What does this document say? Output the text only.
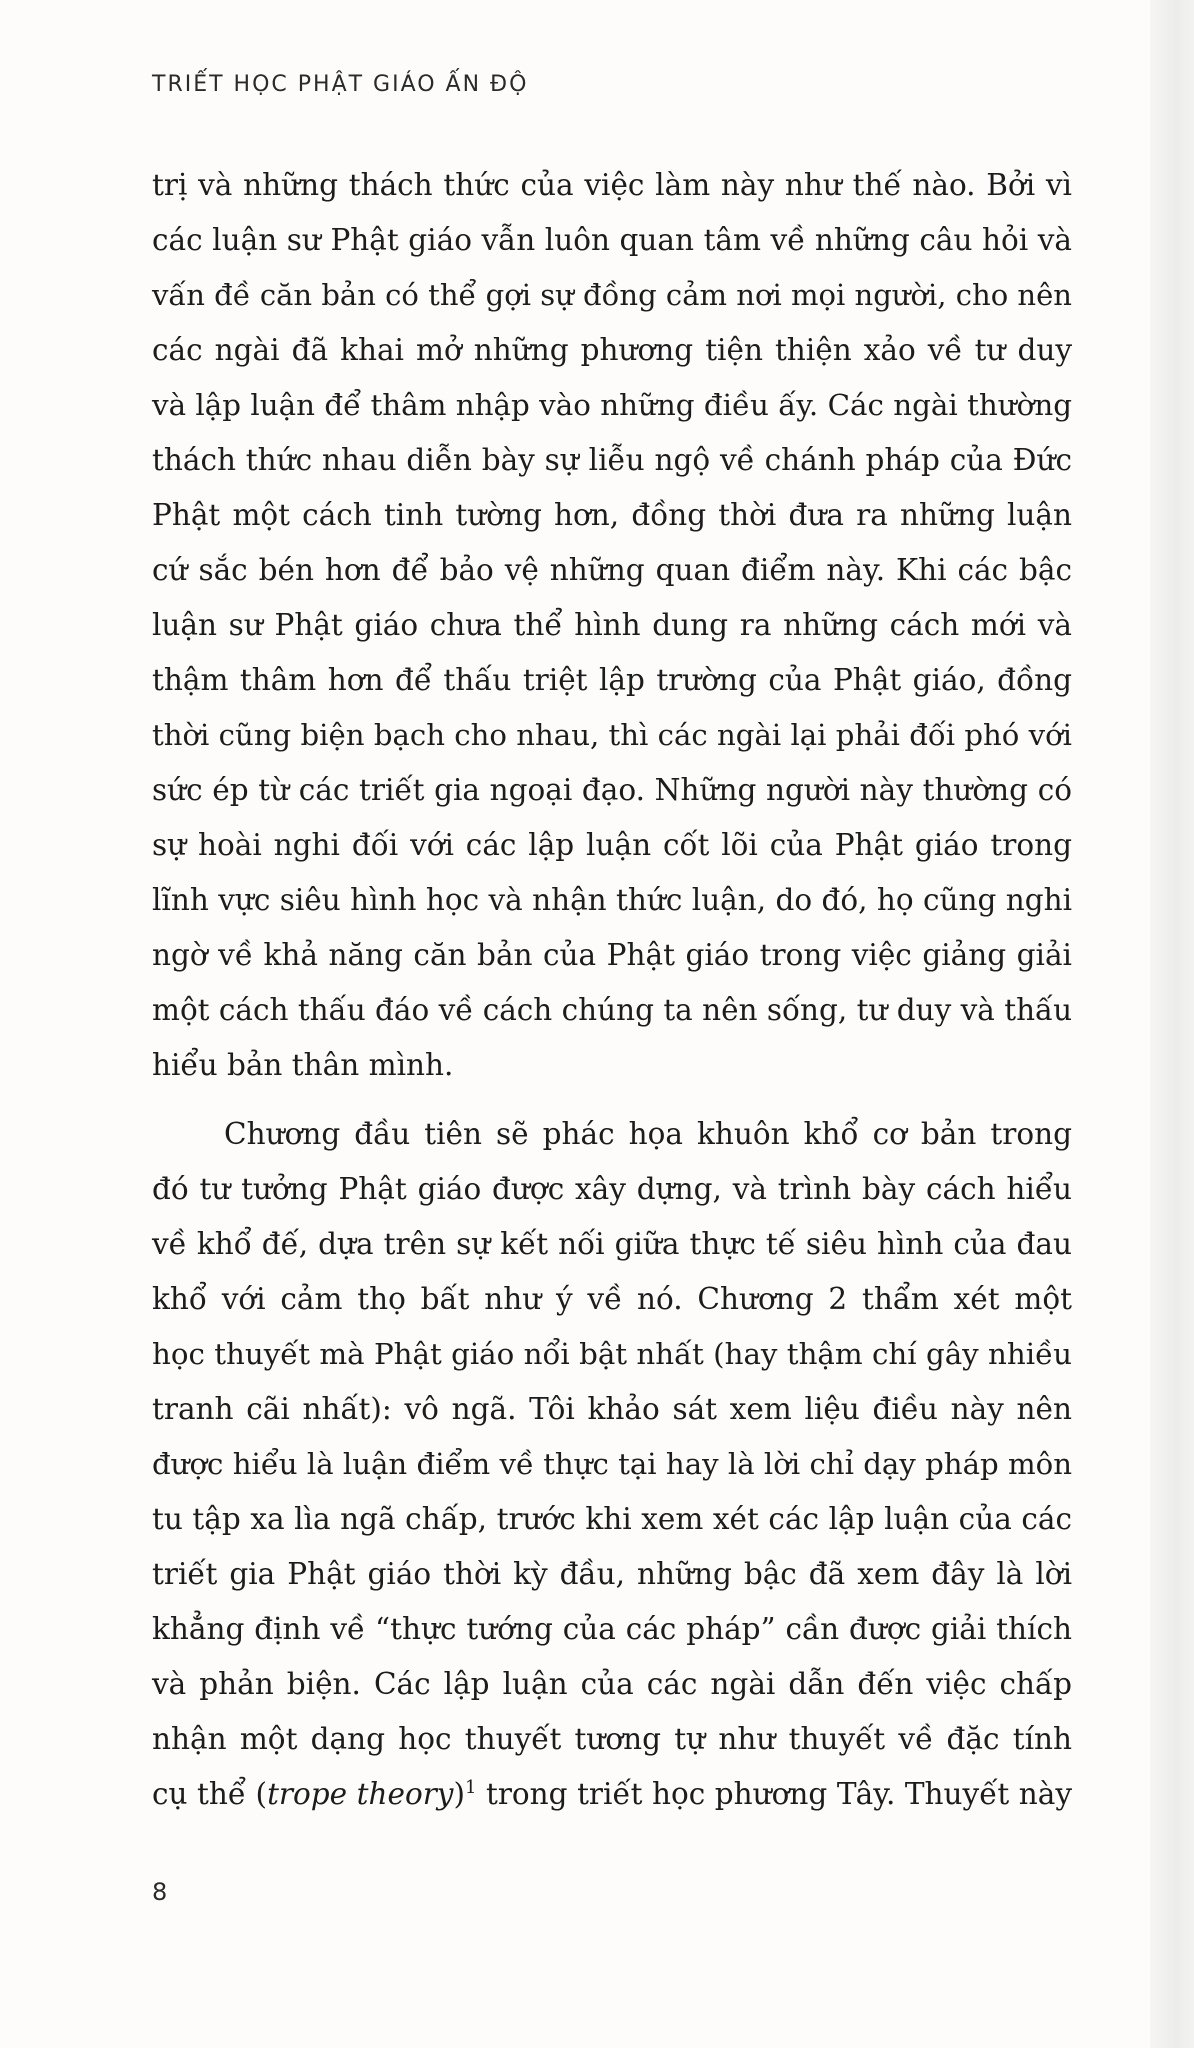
TRIẾT HỌC PHẬT GIÁO ẤN ĐỘ
trị và những thách thức của việc làm này như thế nào. Bởi vì
các luận sư Phật giáo vẫn luôn quan tâm về những câu hỏi và
vấn đề căn bản có thể gợi sự đồng cảm nơi mọi người, cho nên
các ngài đã khai mở những phương tiện thiện xảo về tư duy
và lập luận để thâm nhập vào những điều ấy. Các ngài thường
thách thức nhau diễn bày sự liễu ngộ về chánh pháp của Đức
Phật một cách tinh tường hơn, đồng thời đưa ra những luận
cứ sắc bén hơn để bảo vệ những quan điểm này. Khi các bậc
luận sư Phật giáo chưa thể hình dung ra những cách mới và
thậm thâm hơn để thấu triệt lập trường của Phật giáo, đồng
thời cũng biện bạch cho nhau, thì các ngài lại phải đối phó với
sức ép từ các triết gia ngoại đạo. Những người này thường có
sự hoài nghi đối với các lập luận cốt lõi của Phật giáo trong
lĩnh vực siêu hình học và nhận thức luận, do đó, họ cũng nghi
ngờ về khả năng căn bản của Phật giáo trong việc giảng giải
một cách thấu đáo về cách chúng ta nên sống, tư duy và thấu
hiểu bản thân mình.
Chương đầu tiên sẽ phác họa khuôn khổ cơ bản trong
đó tư tưởng Phật giáo được xây dựng, và trình bày cách hiểu
về khổ đế, dựa trên sự kết nối giữa thực tế siêu hình của đau
khổ với cảm thọ bất như ý về nó. Chương 2 thẩm xét một
học thuyết mà Phật giáo nổi bật nhất (hay thậm chí gây nhiều
tranh cãi nhất): vô ngã. Tôi khảo sát xem liệu điều này nên
được hiểu là luận điểm về thực tại hay là lời chỉ dạy pháp môn
tu tập xa lìa ngã chấp, trước khi xem xét các lập luận của các
triết gia Phật giáo thời kỳ đầu, những bậc đã xem đây là lời
khẳng định về “thực tướng của các pháp” cần được giải thích
và phản biện. Các lập luận của các ngài dẫn đến việc chấp
nhận một dạng học thuyết tương tự như thuyết về đặc tính
cụ thể (trope theory)$^1$ trong triết học phương Tây. Thuyết này
8
